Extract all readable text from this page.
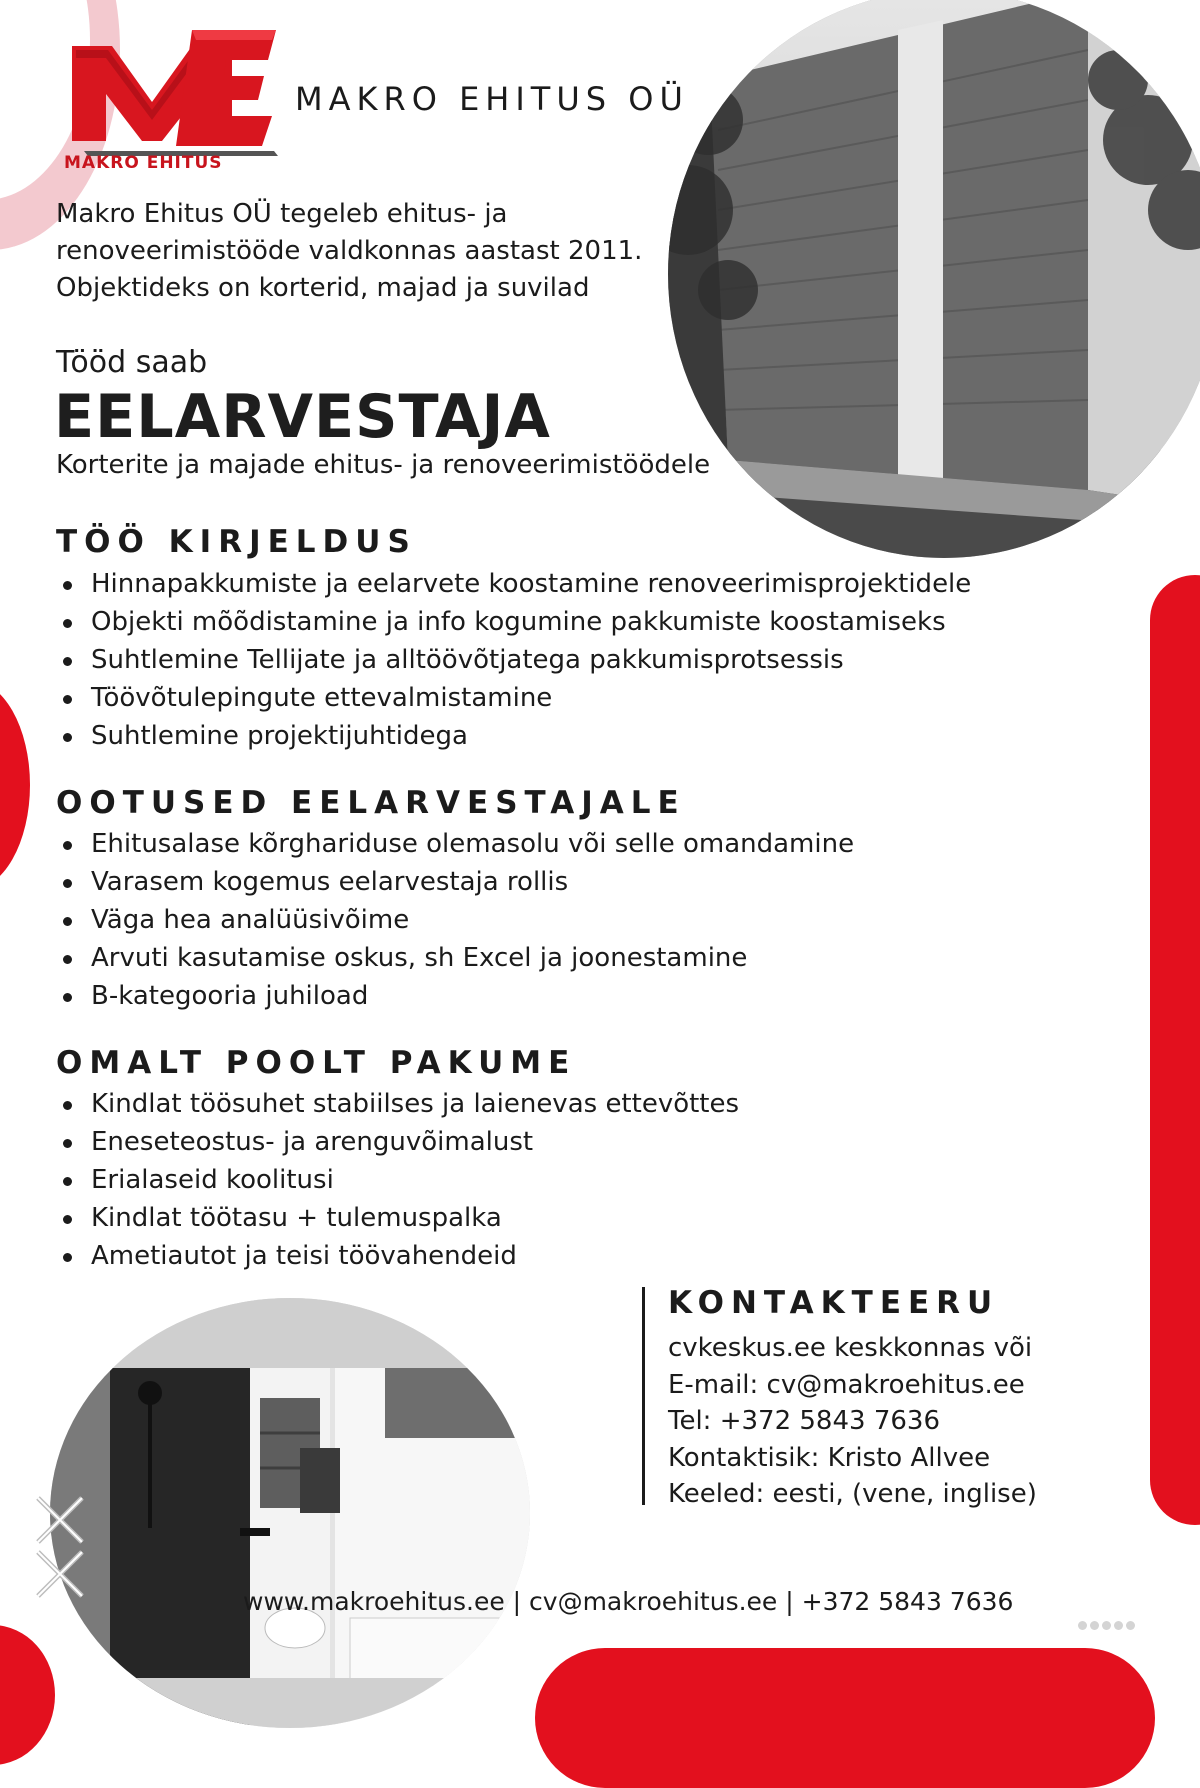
MAKRO EHITUS
MAKRO EHITUS OÜ
Makro Ehitus OÜ tegeleb ehitus- ja
renoveerimistööde valdkonnas aastast 2011.
Objektideks on korterid, majad ja suvilad
Tööd saab
EELARVESTAJA
Korterite ja majade ehitus- ja renoveerimistöödele
TÖÖ KIRJELDUS
Hinnapakkumiste ja eelarvete koostamine renoveerimisprojektidele
Objekti mõõdistamine ja info kogumine pakkumiste koostamiseks
Suhtlemine Tellijate ja alltöövõtjatega pakkumisprotsessis
Töövõtulepingute ettevalmistamine
Suhtlemine projektijuhtidega
OOTUSED EELARVESTAJALE
Ehitusalase kõrghariduse olemasolu või selle omandamine
Varasem kogemus eelarvestaja rollis
Väga hea analüüsivõime
Arvuti kasutamise oskus, sh Excel ja joonestamine
B-kategooria juhiload
OMALT POOLT PAKUME
Kindlat töösuhet stabiilses ja laienevas ettevõttes
Eneseteostus- ja arenguvõimalust
Erialaseid koolitusi
Kindlat töötasu + tulemuspalka
Ametiautot ja teisi töövahendeid
KONTAKTEERU
cvkeskus.ee keskkonnas või
E-mail: cv@makroehitus.ee
Tel: +372 5843 7636
Kontaktisik: Kristo Allvee
Keeled: eesti, (vene, inglise)
www.makroehitus.ee | cv@makroehitus.ee | +372 5843 7636
